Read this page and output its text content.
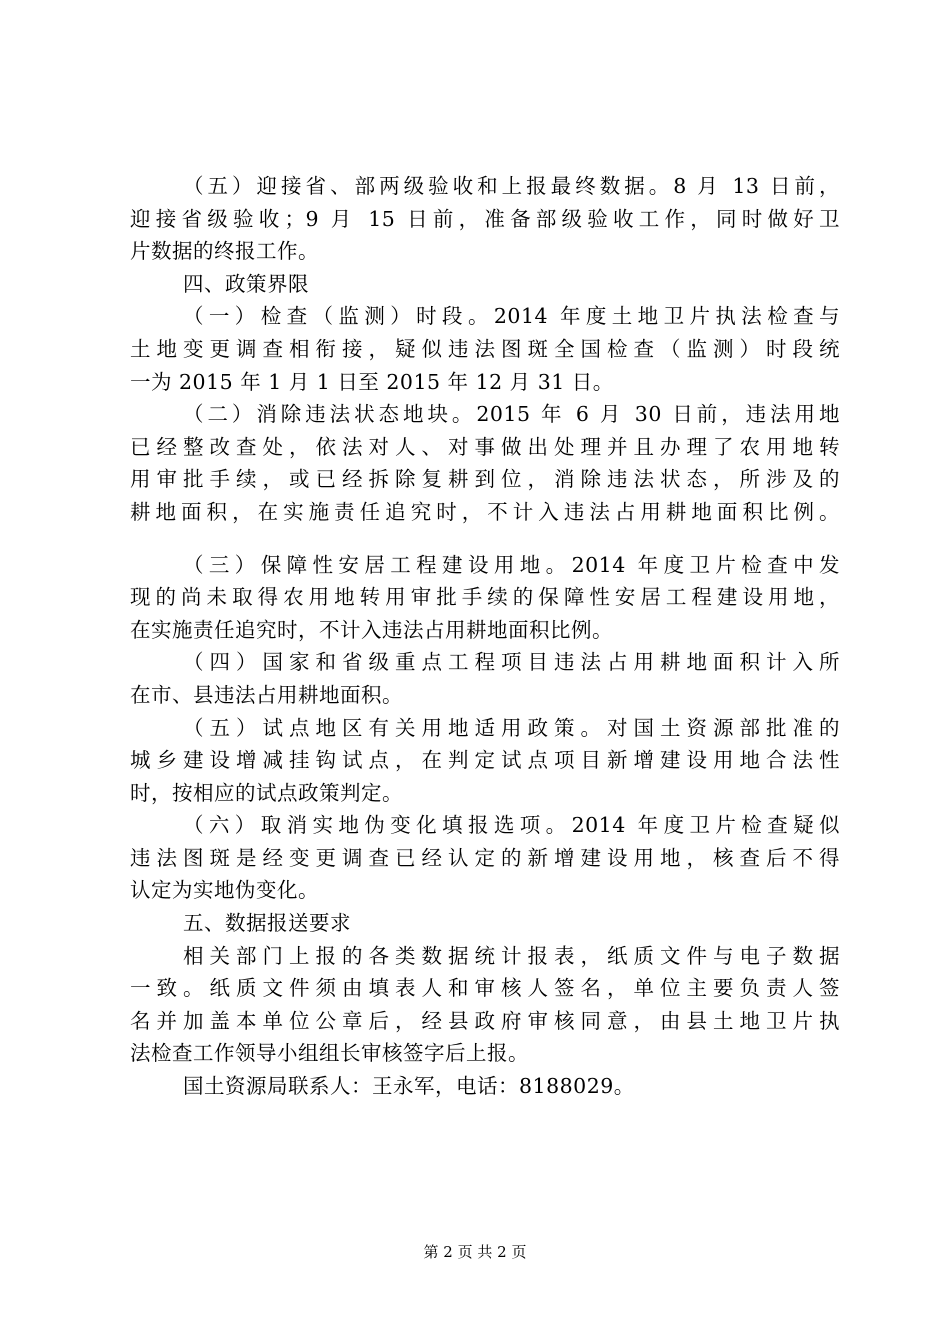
（五）迎接省、部两级验收和上报最终数据。8 月 13 日前，
迎接省级验收；9 月 15 日前，准备部级验收工作，同时做好卫
片数据的终报工作。
四、政策界限
（一）检查（监测）时段。2014 年度土地卫片执法检查与
土地变更调查相衔接，疑似违法图斑全国检查（监测）时段统
一为 2015 年 1 月 1 日至 2015 年 12 月 31 日。
（二）消除违法状态地块。2015 年 6 月 30 日前，违法用地
已经整改查处，依法对人、对事做出处理并且办理了农用地转
用审批手续，或已经拆除复耕到位，消除违法状态，所涉及的
耕地面积，在实施责任追究时，不计入违法占用耕地面积比例。
（三）保障性安居工程建设用地。2014 年度卫片检查中发
现的尚未取得农用地转用审批手续的保障性安居工程建设用地，
在实施责任追究时，不计入违法占用耕地面积比例。
（四）国家和省级重点工程项目违法占用耕地面积计入所
在市、县违法占用耕地面积。
（五）试点地区有关用地适用政策。对国土资源部批准的
城乡建设增减挂钩试点，在判定试点项目新增建设用地合法性
时，按相应的试点政策判定。
（六）取消实地伪变化填报选项。2014 年度卫片检查疑似
违法图斑是经变更调查已经认定的新增建设用地，核查后不得
认定为实地伪变化。
五、数据报送要求
相关部门上报的各类数据统计报表，纸质文件与电子数据
一致。纸质文件须由填表人和审核人签名，单位主要负责人签
名并加盖本单位公章后，经县政府审核同意，由县土地卫片执
法检查工作领导小组组长审核签字后上报。
国土资源局联系人：王永军，电话：8188029。
第 2 页 共 2 页
